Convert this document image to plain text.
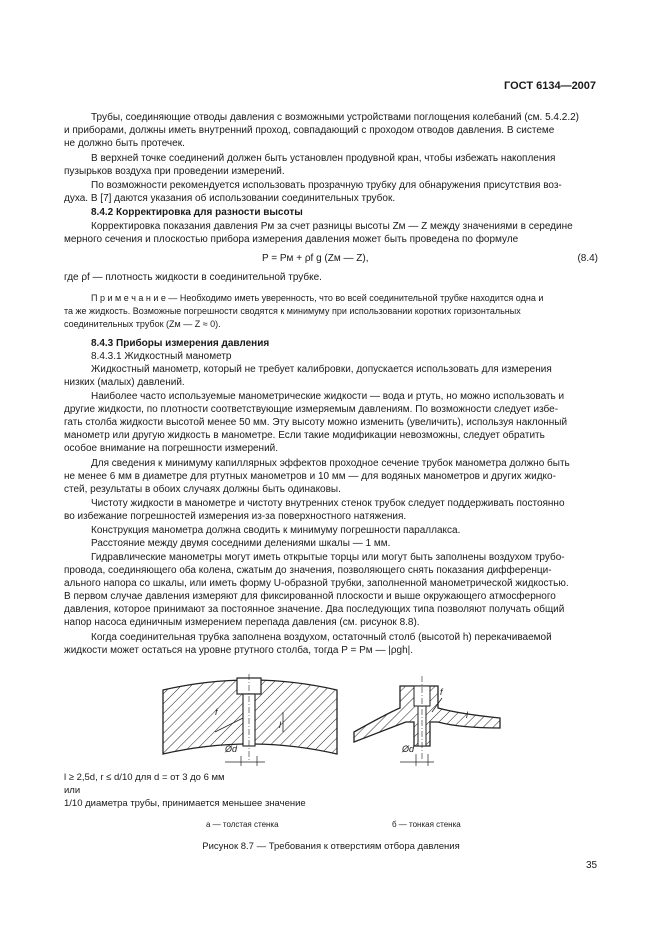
ГОСТ 6134—2007
Трубы, соединяющие отводы давления с возможными устройствами поглощения колебаний (см. 5.4.2.2)
и приборами, должны иметь внутренний проход, совпадающий с проходом отводов давления. В системе
не должно быть протечек.
В верхней точке соединений должен быть установлен продувной кран, чтобы избежать накопления
пузырьков воздуха при проведении измерений.
По возможности рекомендуется использовать прозрачную трубку для обнаружения присутствия воз-
духа. В [7] даются указания об использовании соединительных трубок.
8.4.2 Корректировка для разности высоты
Корректировка показания давления Pм за счет разницы высоты Zм — Z между значениями в середине
мерного сечения и плоскостью прибора измерения давления может быть проведена по формуле
P = Pм + ρf g (Zм — Z),	(8.4)
где ρf — плотность жидкости в соединительной трубке.
П р и м е ч а н и е — Необходимо иметь уверенность, что во всей соединительной трубке находится одна и
та же жидкость. Возможные погрешности сводятся к минимуму при использовании коротких горизонтальных
соединительных трубок (Zм — Z ≈ 0).
8.4.3 Приборы измерения давления
8.4.3.1 Жидкостный манометр
Жидкостный манометр, который не требует калибровки, допускается использовать для измерения
низких (малых) давлений.
Наиболее часто используемые манометрические жидкости — вода и ртуть, но можно использовать и
другие жидкости, по плотности соответствующие измеряемым давлениям. По возможности следует избе-
гать столба жидкости высотой менее 50 мм. Эту высоту можно изменить (увеличить), используя наклонный
манометр или другую жидкость в манометре. Если такие модификации невозможны, следует обратить
особое внимание на погрешности измерений.
Для сведения к минимуму капиллярных эффектов проходное сечение трубок манометра должно быть
не менее 6 мм в диаметре для ртутных манометров и 10 мм — для водяных манометров и других жидко-
стей, результаты в обоих случаях должны быть одинаковы.
Чистоту жидкости в манометре и чистоту внутренних стенок трубок следует поддерживать постоянно
во избежание погрешностей измерения из-за поверхностного натяжения.
Конструкция манометра должна сводить к минимуму погрешности параллакса.
Расстояние между двумя соседними делениями шкалы — 1 мм.
Гидравлические манометры могут иметь открытые торцы или могут быть заполнены воздухом трубо-
провода, соединяющего оба колена, сжатым до значения, позволяющего снять показания дифференци-
ального напора со шкалы, или иметь форму U-образной трубки, заполненной манометрической жидкостью.
В первом случае давления измеряют для фиксированной плоскости и выше окружающего атмосферного
давления, которое принимают за постоянное значение. Два последующих типа позволяют получать общий
напор насоса единичным измерением перепада давления (см. рисунок 8.8).
Когда соединительная трубка заполнена воздухом, остаточный столб (высотой h) перекачиваемой
жидкости может остаться на уровне ртутного столба, тогда P = Pм — |ρgh|.
f
l
Ød
f
l
Ød
l ≥ 2,5d, r ≤ d/10 для d = от 3 до 6 мм
или
1/10 диаметра трубы, принимается меньшее значение
а — толстая стенка	б — тонкая стенка
Рисунок 8.7 — Требования к отверстиям отбора давления
35
